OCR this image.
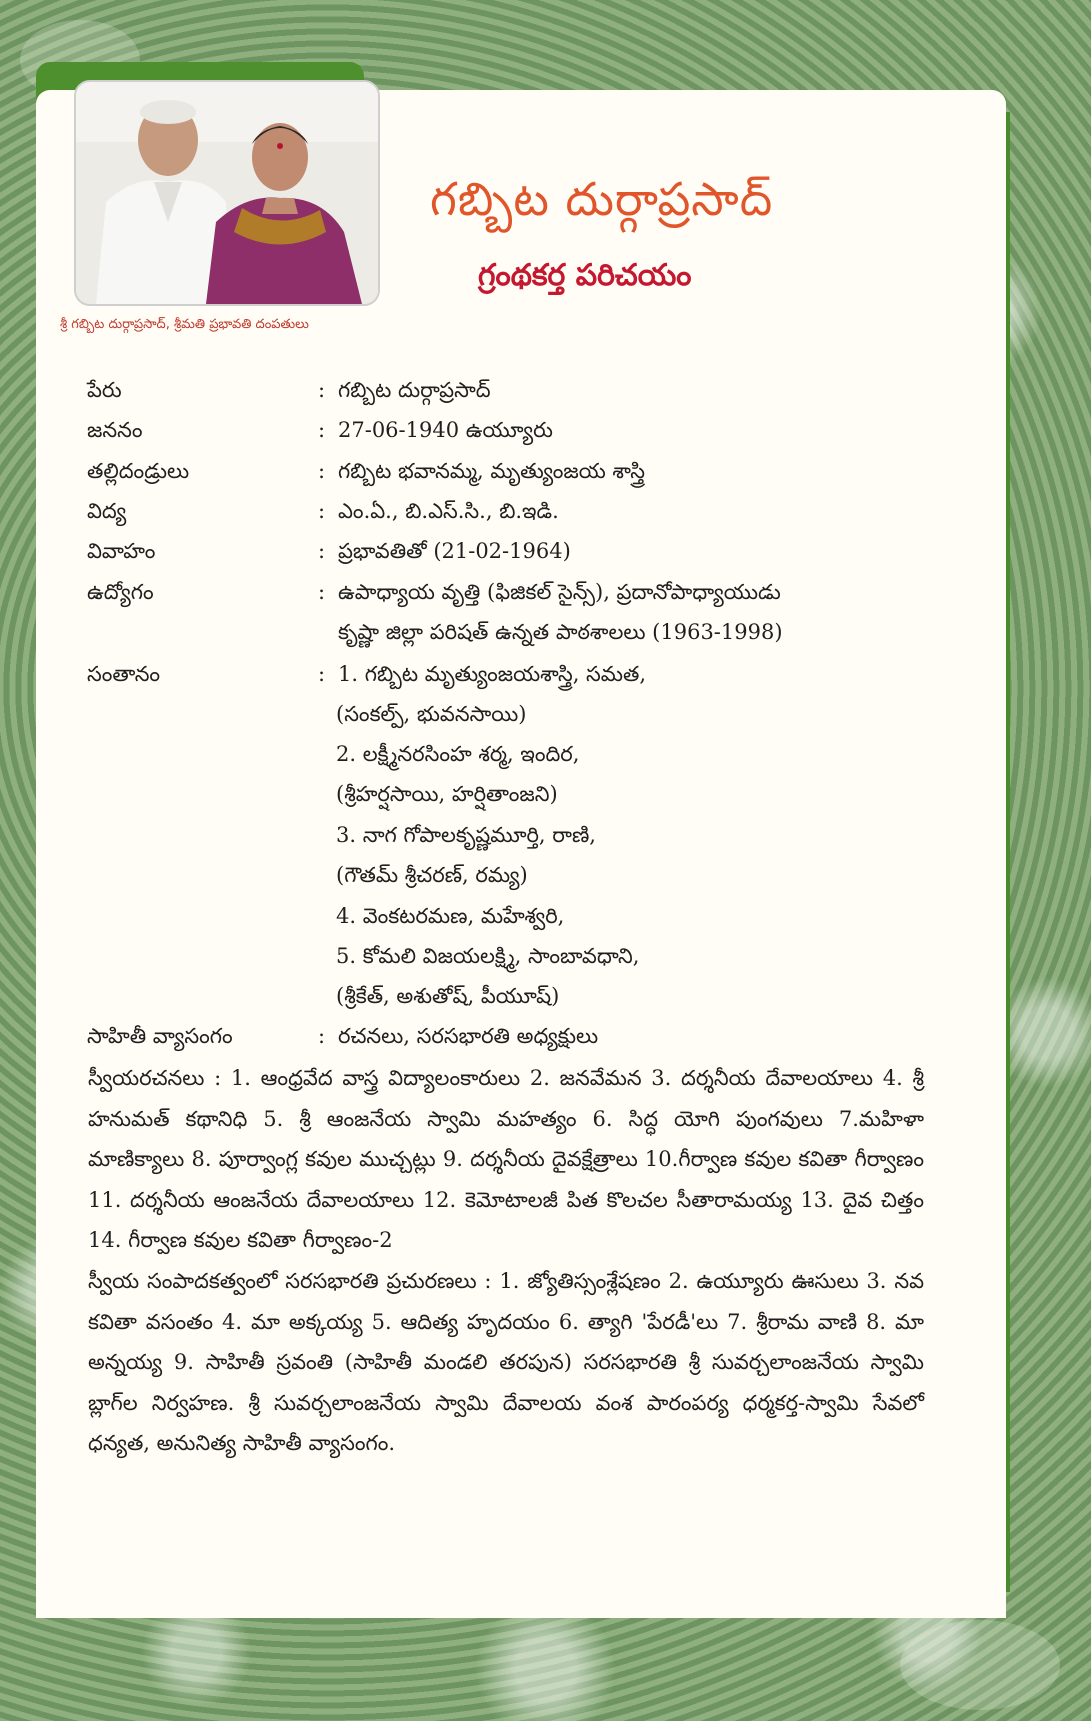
శ్రీ గబ్బిట దుర్గాప్రసాద్, శ్రీమతి ప్రభావతి దంపతులు
గబ్బిట దుర్గాప్రసాద్
గ్రంథకర్త పరిచయం
పేరు	: గబ్బిట దుర్గాప్రసాద్
జననం	: 27-06-1940 ఉయ్యూరు
తల్లిదండ్రులు	: గబ్బిట భవానమ్మ, మృత్యుంజయ శాస్త్రి
విద్య	: ఎం.ఏ., బి.ఎస్.సి., బి.ఇడి.
వివాహం	: ప్రభావతితో (21-02-1964)
ఉద్యోగం	: ఉపాధ్యాయ వృత్తి (ఫిజికల్ సైన్స్), ప్రదానోపాధ్యాయుడు
కృష్ణా జిల్లా పరిషత్ ఉన్నత పాఠశాలలు (1963-1998)
సంతానం	: 1. గబ్బిట మృత్యుంజయశాస్త్రి, సమత,
(సంకల్ప్, భువనసాయి)
2. లక్ష్మీనరసింహ శర్మ, ఇందిర,
(శ్రీహర్షసాయి, హర్షితాంజని)
3. నాగ గోపాలకృష్ణమూర్తి, రాణి,
(గౌతమ్ శ్రీచరణ్, రమ్య)
4. వెంకటరమణ, మహేశ్వరి,
5. కోమలి విజయలక్ష్మి, సాంబావధాని,
(శ్రీకేత్, అశుతోష్, పీయూష్)
సాహితీ వ్యాసంగం	: రచనలు, సరసభారతి అధ్యక్షులు
స్వీయరచనలు : 1. ఆంధ్రవేద వాస్త్ర విద్యాలంకారులు 2. జనవేమన 3. దర్శనీయ దేవాలయాలు 4. శ్రీ హనుమత్ కథానిధి 5. శ్రీ ఆంజనేయ స్వామి మహత్యం 6. సిద్ధ యోగి పుంగవులు 7.మహిళా మాణిక్యాలు 8. పూర్వాంగ్ల కవుల ముచ్చట్లు 9. దర్శనీయ దైవక్షేత్రాలు 10.గీర్వాణ కవుల కవితా గీర్వాణం 11. దర్శనీయ ఆంజనేయ దేవాలయాలు 12. కెమోటాలజీ పిత కొలచల సీతారామయ్య 13. దైవ చిత్తం 14. గీర్వాణ కవుల కవితా గీర్వాణం-2
స్వీయ సంపాదకత్వంలో సరసభారతి ప్రచురణలు : 1. జ్యోతిస్సంశ్లేషణం 2. ఉయ్యూరు ఊసులు 3. నవ కవితా వసంతం 4. మా అక్కయ్య 5. ఆదిత్య హృదయం 6. త్యాగి 'పేరడీ'లు 7. శ్రీరామ వాణి 8. మా అన్నయ్య 9. సాహితీ స్రవంతి (సాహితీ మండలి తరపున) సరసభారతి శ్రీ సువర్చలాంజనేయ స్వామి బ్లాగ్‌ల నిర్వహణ. శ్రీ సువర్చలాంజనేయ స్వామి దేవాలయ వంశ పారంపర్య ధర్మకర్త-స్వామి సేవలో ధన్యత, అనునిత్య సాహితీ వ్యాసంగం.
